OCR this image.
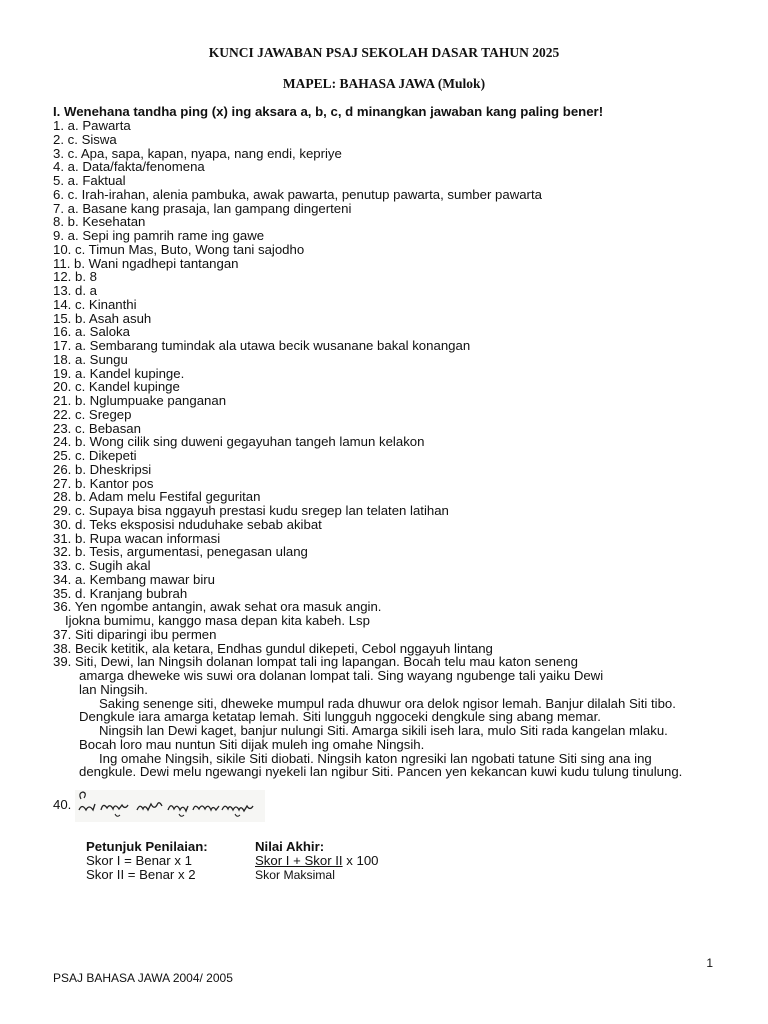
KUNCI JAWABAN PSAJ SEKOLAH DASAR TAHUN 2025
MAPEL: BAHASA JAWA (Mulok)
I. Wenehana tandha ping (x) ing aksara a, b, c, d minangkan jawaban kang paling bener!
1. a. Pawarta
2. c. Siswa
3. c. Apa, sapa, kapan, nyapa, nang endi, kepriye
4. a. Data/fakta/fenomena
5. a. Faktual
6. c. Irah-irahan, alenia pambuka, awak pawarta, penutup pawarta, sumber pawarta
7. a. Basane kang prasaja, lan gampang dingerteni
8. b. Kesehatan
9. a. Sepi ing pamrih rame ing gawe
10. c. Timun Mas, Buto, Wong tani sajodho
11. b. Wani ngadhepi tantangan
12. b. 8
13. d. a
14. c. Kinanthi
15. b. Asah asuh
16. a. Saloka
17. a. Sembarang tumindak ala utawa becik wusanane bakal konangan
18. a. Sungu
19. a. Kandel kupinge.
20. c. Kandel kupinge
21. b. Nglumpuake panganan
22. c. Sregep
23. c. Bebasan
24. b. Wong cilik sing duweni gegayuhan tangeh lamun kelakon
25. c. Dikepeti
26. b. Dheskripsi
27. b. Kantor pos
28. b. Adam melu Festifal geguritan
29. c. Supaya bisa nggayuh prestasi kudu sregep lan telaten latihan
30. d. Teks eksposisi nduduhake sebab akibat
31. b. Rupa wacan informasi
32. b. Tesis, argumentasi, penegasan ulang
33. c. Sugih akal
34. a. Kembang mawar biru
35. d. Kranjang bubrah
36. Yen ngombe antangin, awak sehat ora masuk angin.
Ijokna bumimu, kanggo masa depan kita kabeh. Lsp
37. Siti diparingi ibu permen
38. Becik ketitik, ala ketara, Endhas gundul dikepeti, Cebol nggayuh lintang
39. Siti, Dewi, lan Ningsih dolanan lompat tali ing lapangan. Bocah telu mau katon seneng
amarga dheweke wis suwi ora dolanan lompat tali. Sing wayang ngubenge tali yaiku Dewi
lan Ningsih.
Saking senenge siti, dheweke mumpul rada dhuwur ora delok ngisor lemah. Banjur dilalah Siti tibo.
Dengkule iara amarga ketatap lemah. Siti lungguh nggoceki dengkule sing abang memar.
Ningsih lan Dewi kaget, banjur nulungi Siti. Amarga sikili iseh lara, mulo Siti rada kangelan mlaku.
Bocah loro mau nuntun Siti dijak muleh ing omahe Ningsih.
Ing omahe Ningsih, sikile Siti diobati. Ningsih katon ngresiki lan ngobati tatune Siti sing ana ing
dengkule. Dewi melu ngewangi nyekeli lan ngibur Siti. Pancen yen kekancan kuwi kudu tulung tinulung.
40.
Petunjuk Penilaian:
Skor I = Benar x 1
Skor II = Benar x 2
Nilai Akhir:
Skor I + Skor II x 100
Skor Maksimal
1
PSAJ BAHASA JAWA 2004/ 2005
